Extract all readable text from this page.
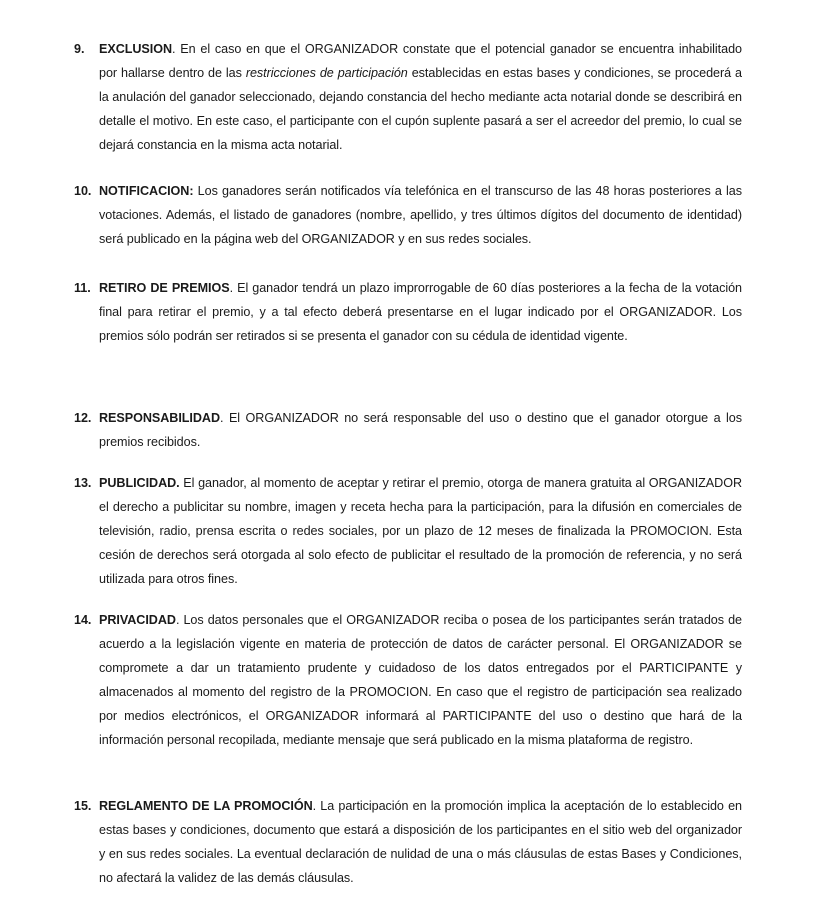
9. EXCLUSION. En el caso en que el ORGANIZADOR constate que el potencial ganador se encuentra inhabilitado por hallarse dentro de las restricciones de participación establecidas en estas bases y condiciones, se procederá a la anulación del ganador seleccionado, dejando constancia del hecho mediante acta notarial donde se describirá en detalle el motivo. En este caso, el participante con el cupón suplente pasará a ser el acreedor del premio, lo cual se dejará constancia en la misma acta notarial.
10. NOTIFICACION: Los ganadores serán notificados vía telefónica en el transcurso de las 48 horas posteriores a las votaciones. Además, el listado de ganadores (nombre, apellido, y tres últimos dígitos del documento de identidad) será publicado en la página web del ORGANIZADOR y en sus redes sociales.
11. RETIRO DE PREMIOS. El ganador tendrá un plazo improrrogable de 60 días posteriores a la fecha de la votación final para retirar el premio, y a tal efecto deberá presentarse en el lugar indicado por el ORGANIZADOR. Los premios sólo podrán ser retirados si se presenta el ganador con su cédula de identidad vigente.
12. RESPONSABILIDAD. El ORGANIZADOR no será responsable del uso o destino que el ganador otorgue a los premios recibidos.
13. PUBLICIDAD. El ganador, al momento de aceptar y retirar el premio, otorga de manera gratuita al ORGANIZADOR el derecho a publicitar su nombre, imagen y receta hecha para la participación, para la difusión en comerciales de televisión, radio, prensa escrita o redes sociales, por un plazo de 12 meses de finalizada la PROMOCION. Esta cesión de derechos será otorgada al solo efecto de publicitar el resultado de la promoción de referencia, y no será utilizada para otros fines.
14. PRIVACIDAD. Los datos personales que el ORGANIZADOR reciba o posea de los participantes serán tratados de acuerdo a la legislación vigente en materia de protección de datos de carácter personal. El ORGANIZADOR se compromete a dar un tratamiento prudente y cuidadoso de los datos entregados por el PARTICIPANTE y almacenados al momento del registro de la PROMOCION. En caso que el registro de participación sea realizado por medios electrónicos, el ORGANIZADOR informará al PARTICIPANTE del uso o destino que hará de la información personal recopilada, mediante mensaje que será publicado en la misma plataforma de registro.
15. REGLAMENTO DE LA PROMOCIÓN. La participación en la promoción implica la aceptación de lo establecido en estas bases y condiciones, documento que estará a disposición de los participantes en el sitio web del organizador y en sus redes sociales. La eventual declaración de nulidad de una o más cláusulas de estas Bases y Condiciones, no afectará la validez de las demás cláusulas.
